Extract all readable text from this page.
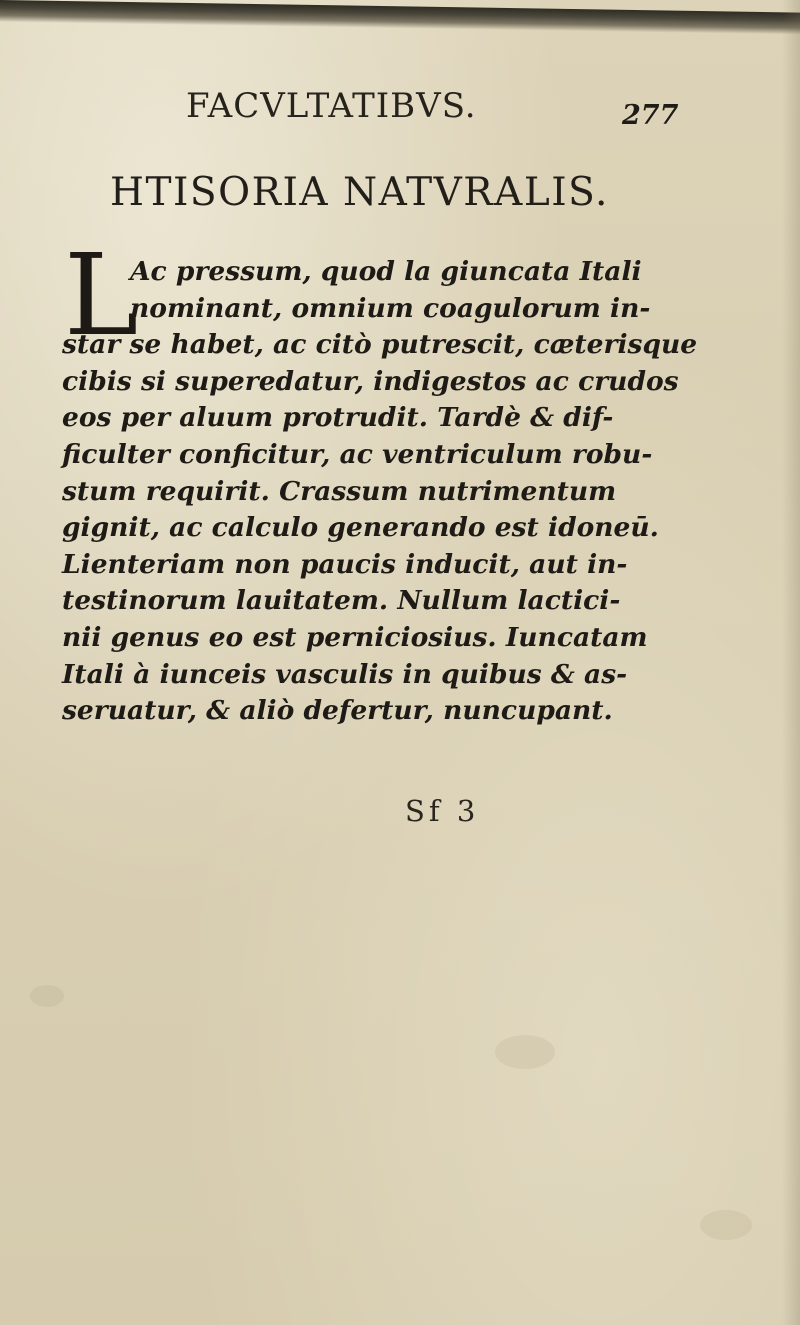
FACVLTATIBVS.	277
HTISORIA NATVRALIS.
L
Ac pressum, quod la giuncata Itali
nominant, omnium coagulorum in-
star se habet, ac citò putrescit, cæterisque
cibis si superedatur, indigestos ac crudos
eos per aluum protrudit. Tardè & dif-
ficulter conficitur, ac ventriculum robu-
stum requirit. Crassum nutrimentum
gignit, ac calculo generando est idoneū.
Lienteriam non paucis inducit, aut in-
testinorum lauitatem. Nullum lactici-
nii genus eo est perniciosius. Iuncatam
Itali à iunceis vasculis in quibus & as-
seruatur, & aliò defertur, nuncupant.
Sf 3
